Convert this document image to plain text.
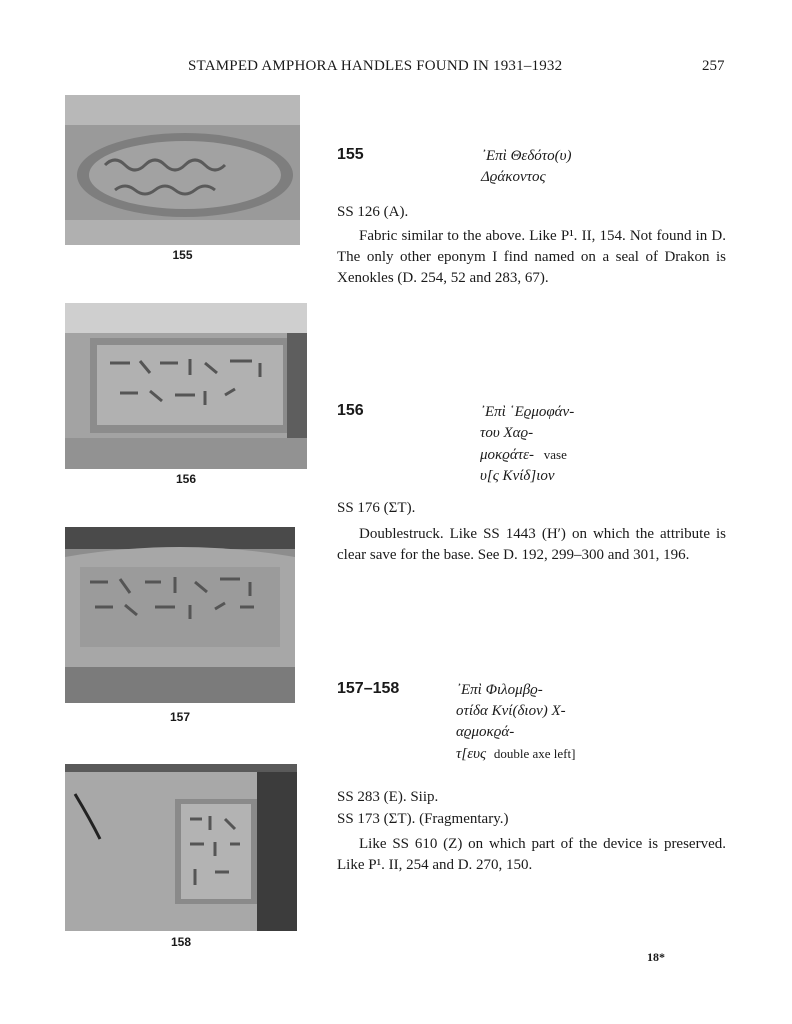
STAMPED AMPHORA HANDLES FOUND IN 1931–1932	257
155
156
157
158
155	᾿Επὶ Θεδότο(υ)
Δϱάκοντος
SS 126 (A).
Fabric similar to the above. Like P¹. II, 154. Not found in D. The only other eponym I find named on a seal of Drakon is Xenokles (D. 254, 52 and 283, 67).
156	᾿Επὶ ῾Εϱμοφάν-
του Χαϱ-
μοκϱάτε- vase
υ[ς Κνίδ]ιον
SS 176 (ΣT).
Doublestruck. Like SS 1443 (H′) on which the attribute is clear save for the base. See D. 192, 299–300 and 301, 196.
157–158	᾿Επὶ Φιλομβϱ-
οτίδα Κνί(διον) X-
αϱμοκϱά-
τ[ευς double axe left]
SS 283 (E). Siip.
SS 173 (ΣT). (Fragmentary.)
Like SS 610 (Z) on which part of the device is preserved. Like P¹. II, 254 and D. 270, 150.
18*
